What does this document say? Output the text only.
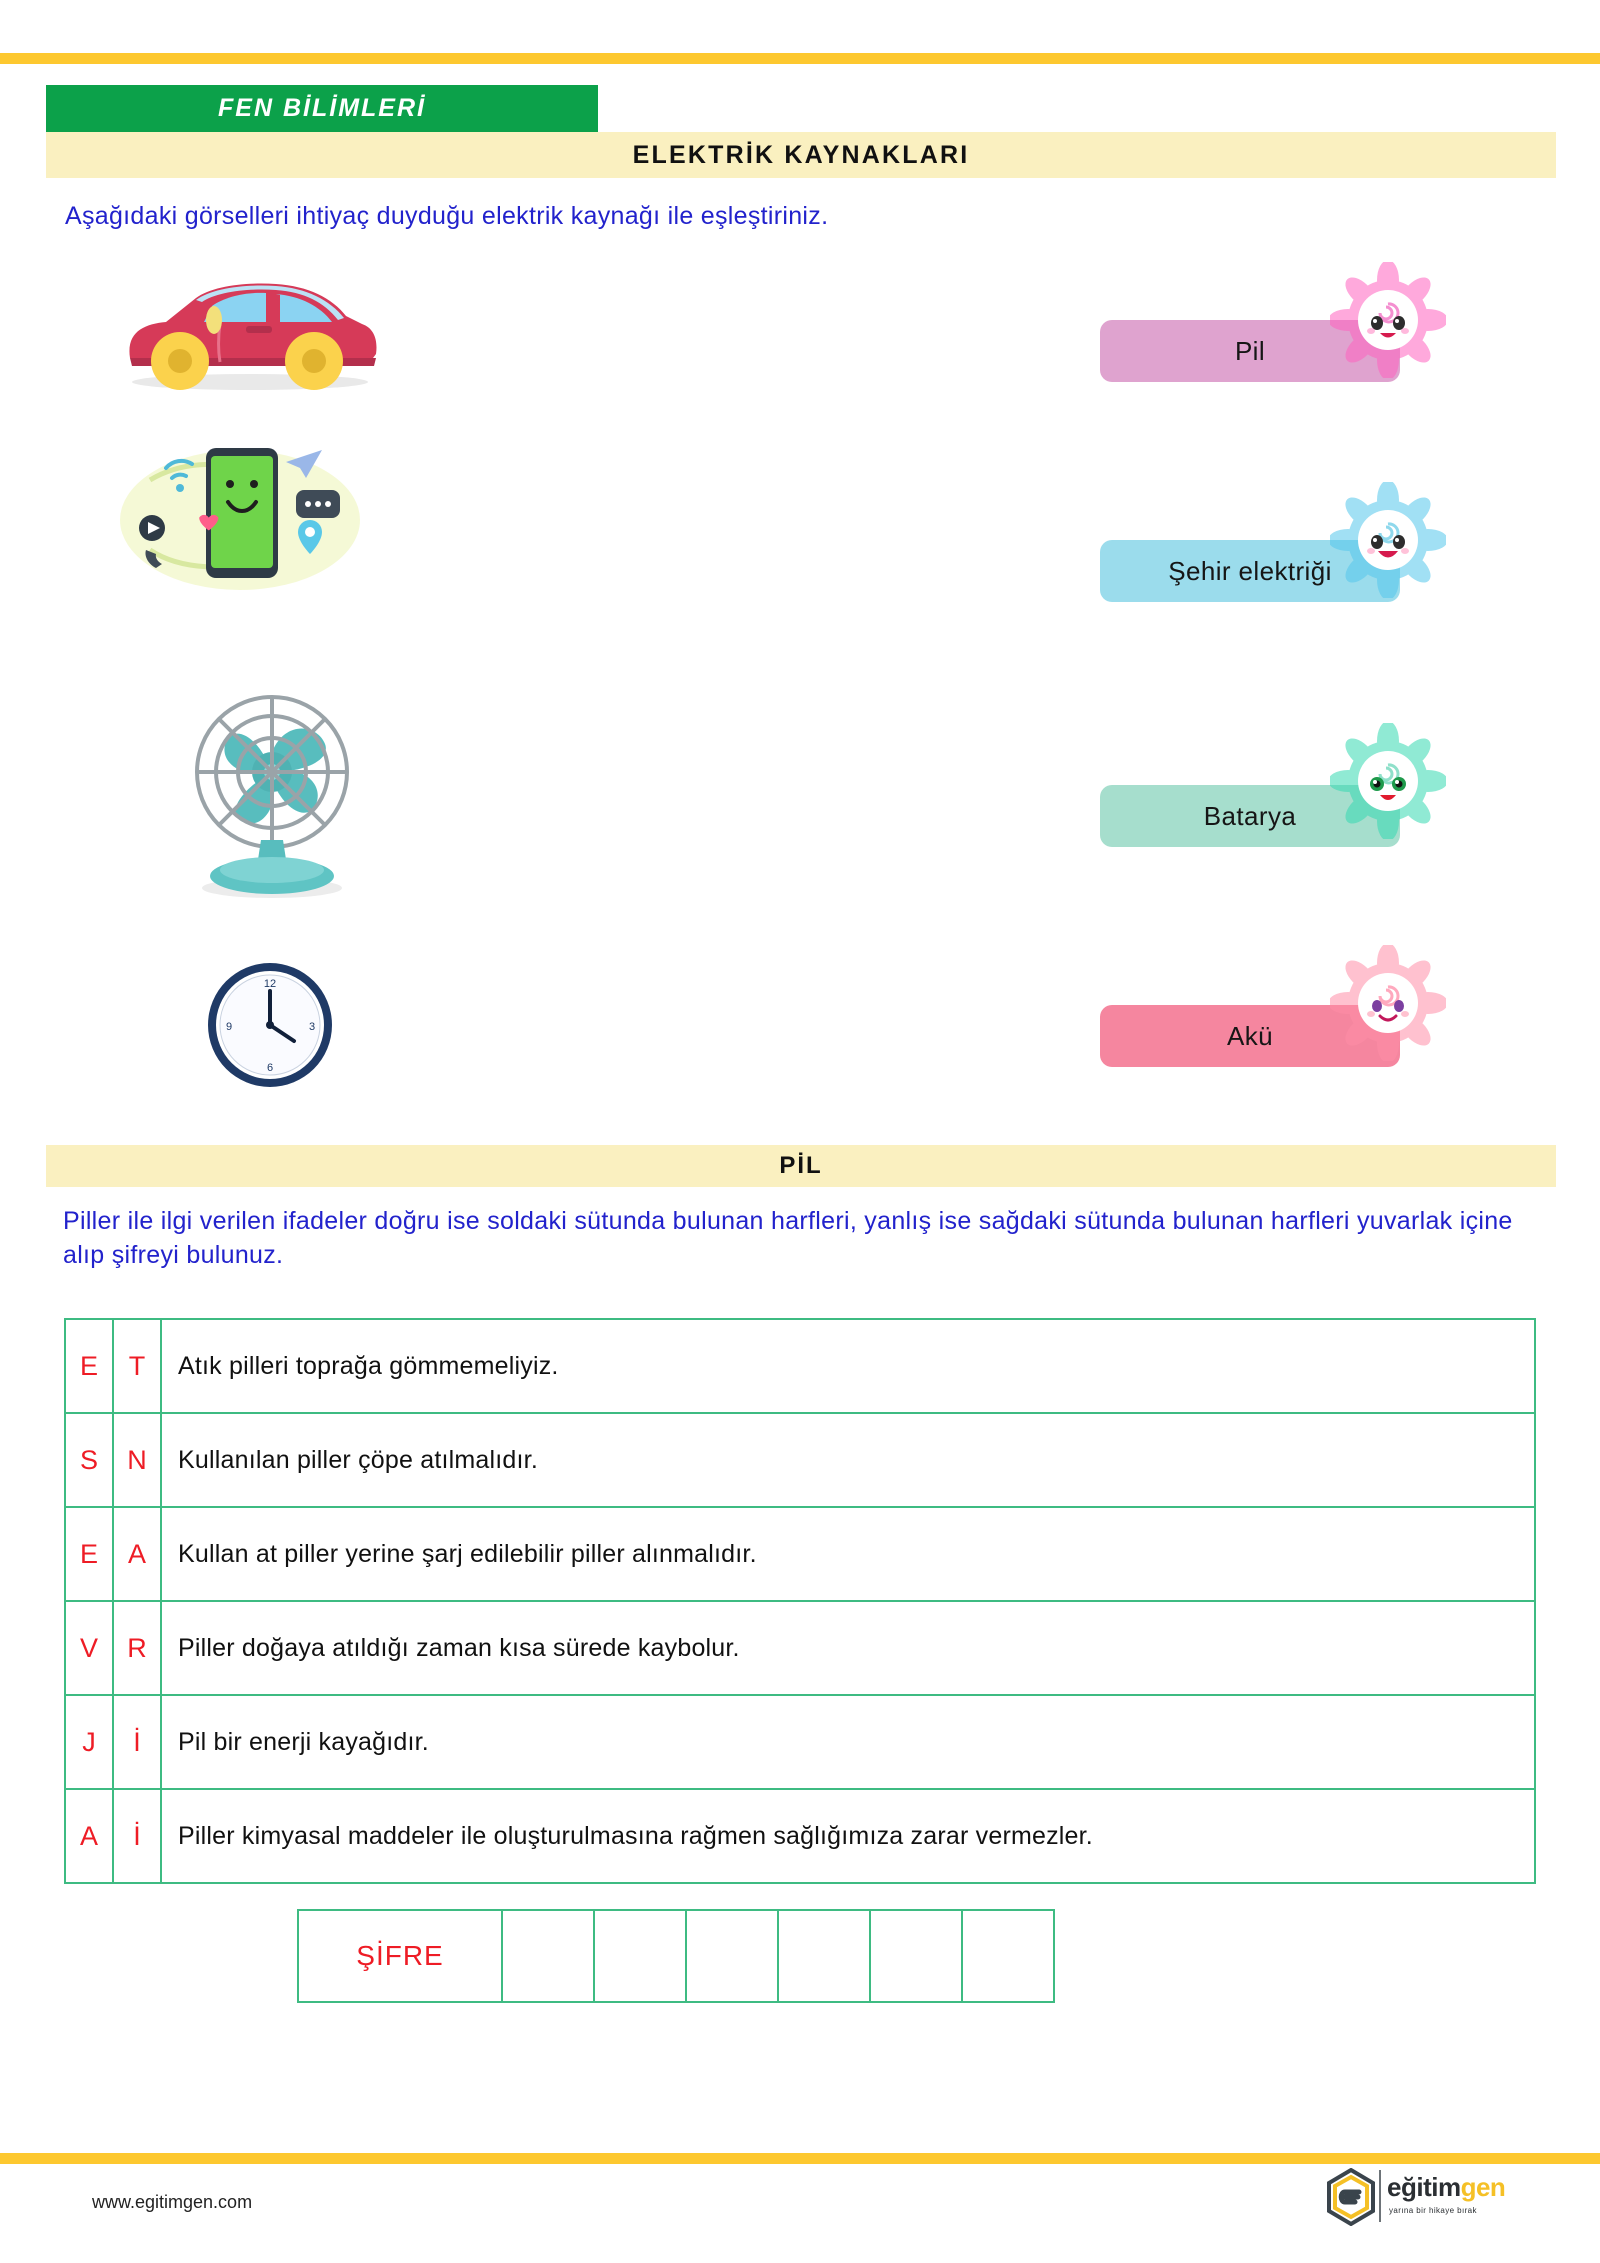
FEN BİLİMLERİ
ELEKTRİK KAYNAKLARI
Aşağıdaki görselleri ihtiyaç duyduğu elektrik kaynağı ile eşleştiriniz.
12
3
6
9
Pil
Şehir elektriği
Batarya
Akü
PİL
Piller ile ilgi verilen ifadeler doğru ise soldaki sütunda bulunan harfleri, yanlış ise sağdaki sütunda bulunan harfleri yuvarlak içine alıp şifreyi bulunuz.
E	T	Atık pilleri toprağa gömmemeliyiz.
S	N	Kullanılan piller çöpe atılmalıdır.
E	A	Kullan at piller yerine şarj edilebilir piller alınmalıdır.
V	R	Piller doğaya atıldığı zaman kısa sürede kaybolur.
J	İ	Pil bir enerji kayağıdır.
A	İ	Piller kimyasal maddeler ile oluşturulmasına rağmen sağlığımıza zarar vermezler.
ŞİFRE						
www.egitimgen.com	eğitimgen
yarına bir hikaye bırak
